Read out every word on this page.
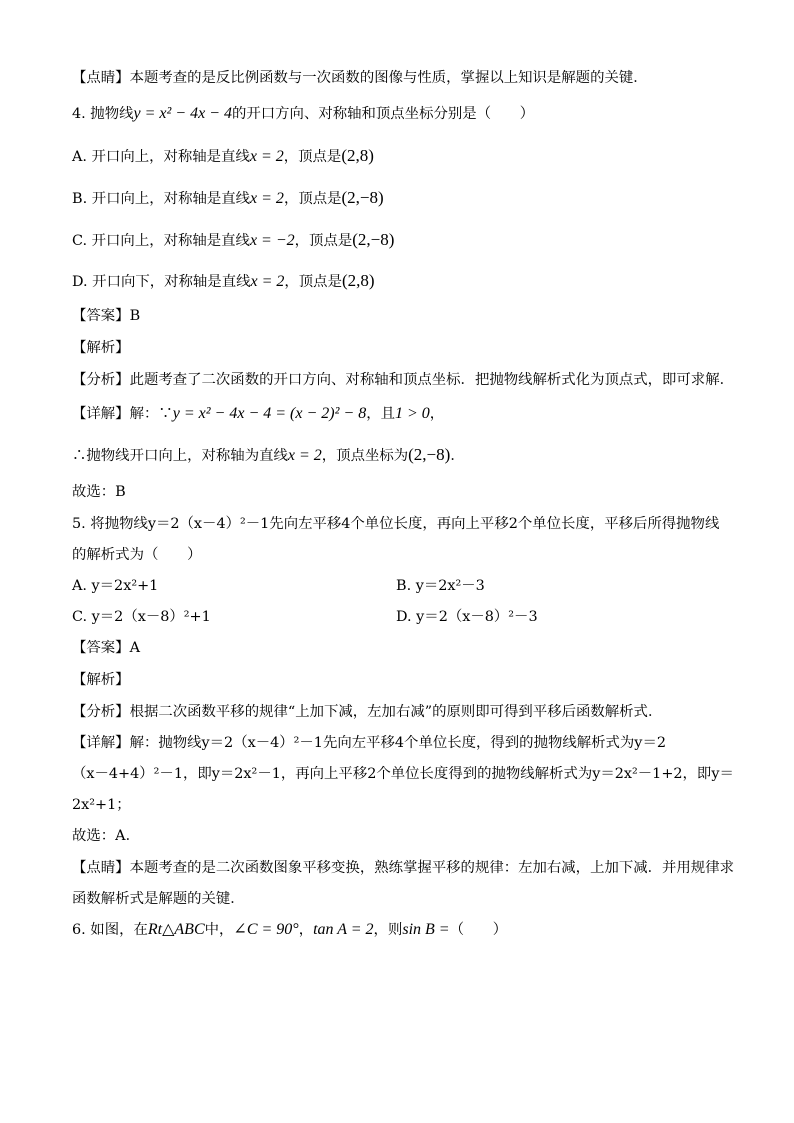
【点睛】本题考查的是反比例函数与一次函数的图像与性质，掌握以上知识是解题的关键．
4. 抛物线y = x² − 4x − 4的开口方向、对称轴和顶点坐标分别是（　　）
A. 开口向上，对称轴是直线x = 2，顶点是(2,8)
B. 开口向上，对称轴是直线x = 2，顶点是(2,−8)
C. 开口向上，对称轴是直线x = −2，顶点是(2,−8)
D. 开口向下，对称轴是直线x = 2，顶点是(2,8)
【答案】B
【解析】
【分析】此题考查了二次函数的开口方向、对称轴和顶点坐标．把抛物线解析式化为顶点式，即可求解．
【详解】解：∵y = x² − 4x − 4 = (x − 2)² − 8，且1 > 0，
∴抛物线开口向上，对称轴为直线x = 2，顶点坐标为(2,−8)．
故选：B
5. 将抛物线y＝2（x－4）²－1先向左平移4个单位长度，再向上平移2个单位长度，平移后所得抛物线
的解析式为（　　）
A. y＝2x²+1	B. y＝2x²－3
C. y＝2（x－8）²+1	D. y＝2（x－8）²－3
【答案】A
【解析】
【分析】根据二次函数平移的规律“上加下减，左加右减”的原则即可得到平移后函数解析式．
【详解】解：抛物线y＝2（x－4）²－1先向左平移4个单位长度，得到的抛物线解析式为y＝2
（x－4+4）²－1，即y＝2x²－1，再向上平移2个单位长度得到的抛物线解析式为y＝2x²－1+2，即y＝
2x²+1；
故选：A．
【点睛】本题考查的是二次函数图象平移变换，熟练掌握平移的规律：左加右减，上加下减．并用规律求
函数解析式是解题的关键．
6. 如图，在Rt△ABC中，∠C = 90°，tan A = 2，则sin B =（　　）
